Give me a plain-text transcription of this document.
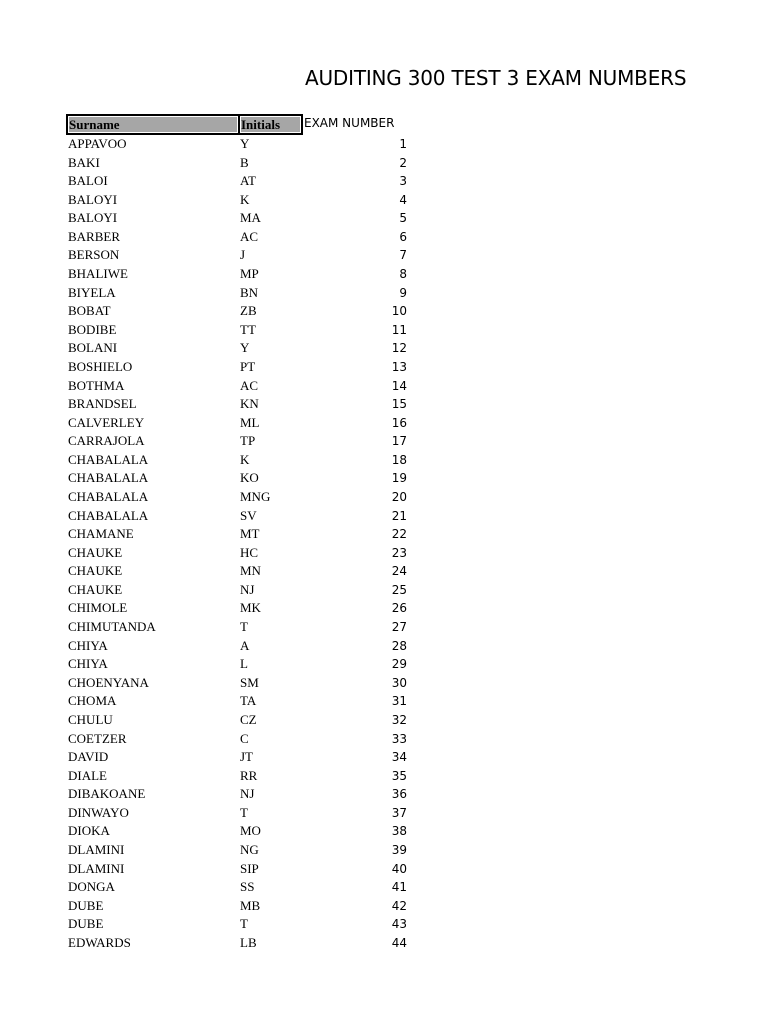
AUDITING 300 TEST 3 EXAM NUMBERS
Surname	Initials	EXAM NUMBER
APPAVOO	Y	1
BAKI	B	2
BALOI	AT	3
BALOYI	K	4
BALOYI	MA	5
BARBER	AC	6
BERSON	J	7
BHALIWE	MP	8
BIYELA	BN	9
BOBAT	ZB	10
BODIBE	TT	11
BOLANI	Y	12
BOSHIELO	PT	13
BOTHMA	AC	14
BRANDSEL	KN	15
CALVERLEY	ML	16
CARRAJOLA	TP	17
CHABALALA	K	18
CHABALALA	KO	19
CHABALALA	MNG	20
CHABALALA	SV	21
CHAMANE	MT	22
CHAUKE	HC	23
CHAUKE	MN	24
CHAUKE	NJ	25
CHIMOLE	MK	26
CHIMUTANDA	T	27
CHIYA	A	28
CHIYA	L	29
CHOENYANA	SM	30
CHOMA	TA	31
CHULU	CZ	32
COETZER	C	33
DAVID	JT	34
DIALE	RR	35
DIBAKOANE	NJ	36
DINWAYO	T	37
DIOKA	MO	38
DLAMINI	NG	39
DLAMINI	SIP	40
DONGA	SS	41
DUBE	MB	42
DUBE	T	43
EDWARDS	LB	44
